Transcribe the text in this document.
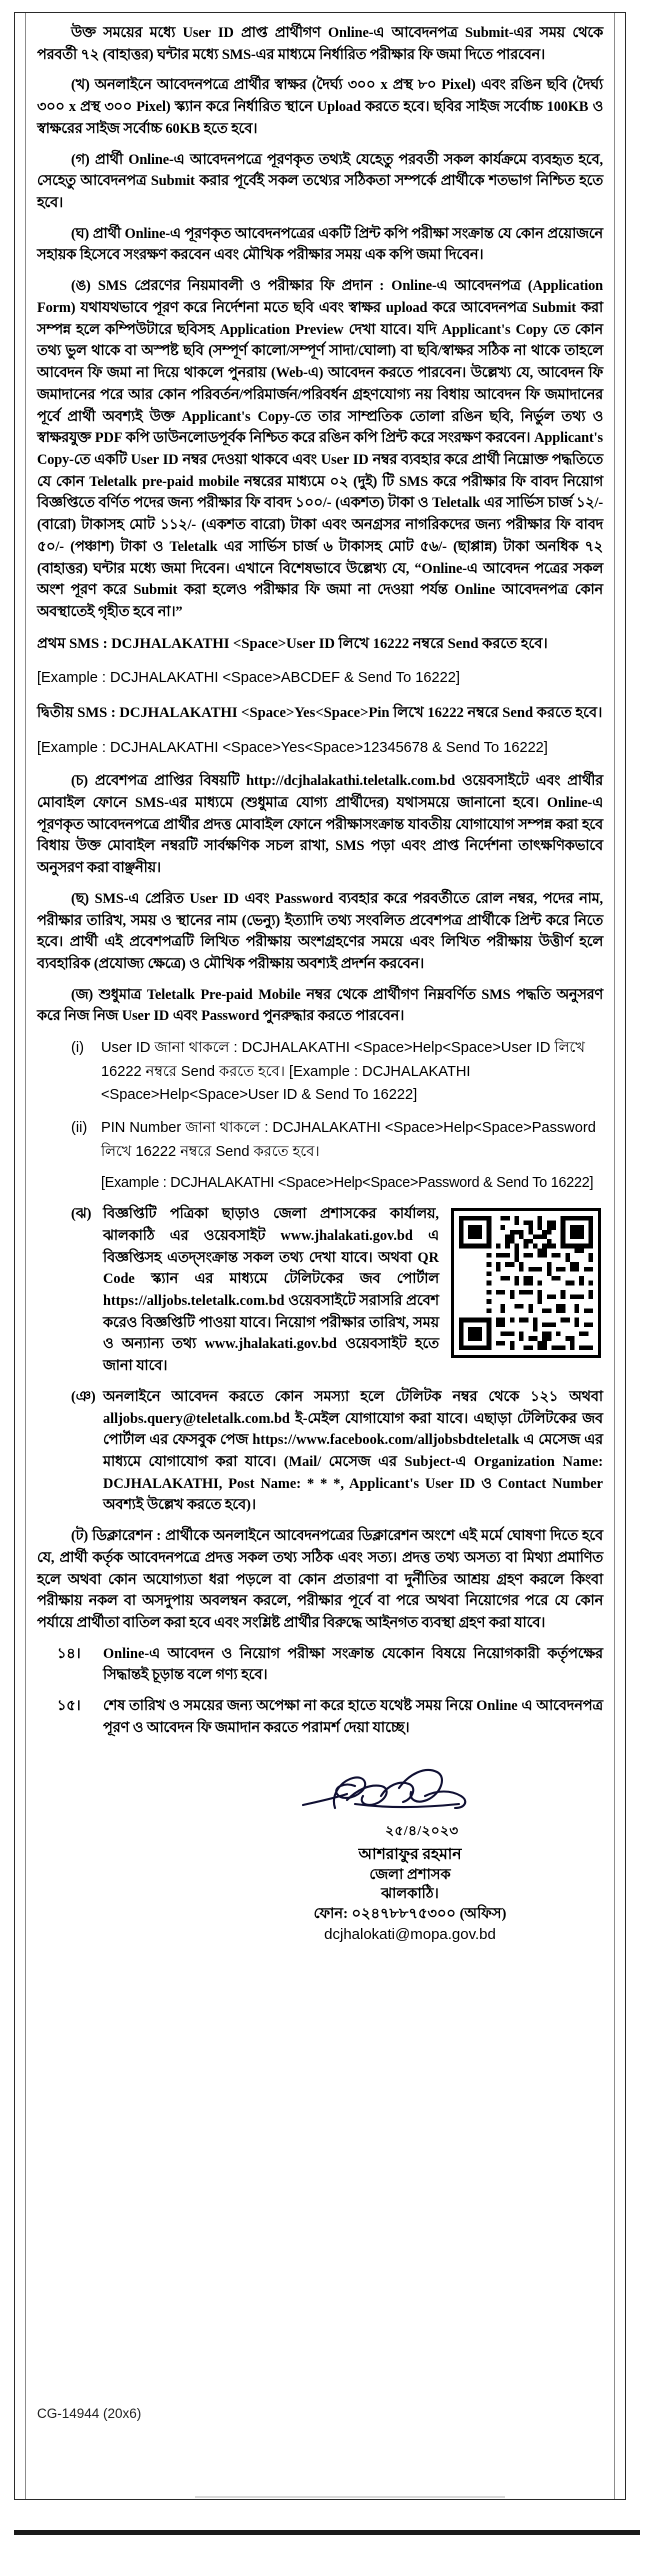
উক্ত সময়ের মধ্যে User ID প্রাপ্ত প্রার্থীগণ Online-এ আবেদনপত্র Submit-এর সময় থেকে পরবর্তী ৭২ (বাহাত্তর) ঘন্টার মধ্যে SMS-এর মাধ্যমে নির্ধারিত পরীক্ষার ফি জমা দিতে পারবেন।

(খ) অনলাইনে আবেদনপত্রে প্রার্থীর স্বাক্ষর (দৈর্ঘ্য ৩০০ x প্রস্থ ৮০ Pixel) এবং রঙিন ছবি (দৈর্ঘ্য ৩০০ x প্রস্থ ৩০০ Pixel) স্ক্যান করে নির্ধারিত স্থানে Upload করতে হবে। ছবির সাইজ সর্বোচ্চ 100KB ও স্বাক্ষরের সাইজ সর্বোচ্চ 60KB হতে হবে।

(গ) প্রার্থী Online-এ আবেদনপত্রে পূরণকৃত তথ্যই যেহেতু পরবর্তী সকল কার্যক্রমে ব্যবহৃত হবে, সেহেতু আবেদনপত্র Submit করার পূর্বেই সকল তথ্যের সঠিকতা সম্পর্কে প্রার্থীকে শতভাগ নিশ্চিত হতে হবে।

(ঘ) প্রার্থী Online-এ পূরণকৃত আবেদনপত্রের একটি প্রিন্ট কপি পরীক্ষা সংক্রান্ত যে কোন প্রয়োজনে সহায়ক হিসেবে সংরক্ষণ করবেন এবং মৌখিক পরীক্ষার সময় এক কপি জমা দিবেন।

(ঙ) SMS প্রেরণের নিয়মাবলী ও পরীক্ষার ফি প্রদান : Online-এ আবেদনপত্র (Application Form) যথাযথভাবে পূরণ করে নির্দেশনা মতে ছবি এবং স্বাক্ষর upload করে আবেদনপত্র Submit করা সম্পন্ন হলে কম্পিউটারে ছবিসহ Application Preview দেখা যাবে। যদি Applicant's Copy তে কোন তথ্য ভুল থাকে বা অস্পষ্ট ছবি (সম্পূর্ণ কালো/সম্পূর্ণ সাদা/ঘোলা) বা ছবি/স্বাক্ষর সঠিক না থাকে তাহলে আবেদন ফি জমা না দিয়ে থাকলে পুনরায় (Web-এ) আবেদন করতে পারবেন। উল্লেখ্য যে, আবেদন ফি জমাদানের পরে আর কোন পরিবর্তন/পরিমার্জন/পরিবর্ধন গ্রহণযোগ্য নয় বিধায় আবেদন ফি জমাদানের পূর্বে প্রার্থী অবশ্যই উক্ত Applicant's Copy-তে তার সাম্প্রতিক তোলা রঙিন ছবি, নির্ভুল তথ্য ও স্বাক্ষরযুক্ত PDF কপি ডাউনলোডপূর্বক নিশ্চিত করে রঙিন কপি প্রিন্ট করে সংরক্ষণ করবেন। Applicant's Copy-তে একটি User ID নম্বর দেওয়া থাকবে এবং User ID নম্বর ব্যবহার করে প্রার্থী নিম্নোক্ত পদ্ধতিতে যে কোন Teletalk pre-paid mobile নম্বরের মাধ্যমে ০২ (দুই) টি SMS করে পরীক্ষার ফি বাবদ নিয়োগ বিজ্ঞপ্তিতে বর্ণিত পদের জন্য পরীক্ষার ফি বাবদ ১০০/- (একশত) টাকা ও Teletalk এর সার্ভিস চার্জ ১২/- (বারো) টাকাসহ মোট ১১২/- (একশত বারো) টাকা এবং অনগ্রসর নাগরিকদের জন্য পরীক্ষার ফি বাবদ ৫০/- (পঞ্চাশ) টাকা ও Teletalk এর সার্ভিস চার্জ ৬ টাকাসহ মোট ৫৬/- (ছাপ্পান্ন) টাকা অনধিক ৭২ (বাহাত্তর) ঘন্টার মধ্যে জমা দিবেন। এখানে বিশেষভাবে উল্লেখ্য যে, “Online-এ আবেদন পত্রের সকল অংশ পূরণ করে Submit করা হলেও পরীক্ষার ফি জমা না দেওয়া পর্যন্ত Online আবেদনপত্র কোন অবস্থাতেই গৃহীত হবে না।”

প্রথম SMS : DCJHALAKATHI <Space>User ID লিখে 16222 নম্বরে Send করতে হবে।

[Example : DCJHALAKATHI <Space>ABCDEF & Send To 16222]

দ্বিতীয় SMS : DCJHALAKATHI <Space>Yes<Space>Pin লিখে 16222 নম্বরে Send করতে হবে।

[Example : DCJHALAKATHI <Space>Yes<Space>12345678 & Send To 16222]

(চ) প্রবেশপত্র প্রাপ্তির বিষয়টি http://dcjhalakathi.teletalk.com.bd ওয়েবসাইটে এবং প্রার্থীর মোবাইল ফোনে SMS-এর মাধ্যমে (শুধুমাত্র যোগ্য প্রার্থীদের) যথাসময়ে জানানো হবে। Online-এ পূরণকৃত আবেদনপত্রে প্রার্থীর প্রদত্ত মোবাইল ফোনে পরীক্ষাসংক্রান্ত যাবতীয় যোগাযোগ সম্পন্ন করা হবে বিধায় উক্ত মোবাইল নম্বরটি সার্বক্ষণিক সচল রাখা, SMS পড়া এবং প্রাপ্ত নির্দেশনা তাৎক্ষণিকভাবে অনুসরণ করা বাঞ্ছনীয়।

(ছ) SMS-এ প্রেরিত User ID এবং Password ব্যবহার করে পরবর্তীতে রোল নম্বর, পদের নাম, পরীক্ষার তারিখ, সময় ও স্থানের নাম (ভেন্যু) ইত্যাদি তথ্য সংবলিত প্রবেশপত্র প্রার্থীকে প্রিন্ট করে নিতে হবে। প্রার্থী এই প্রবেশপত্রটি লিখিত পরীক্ষায় অংশগ্রহণের সময়ে এবং লিখিত পরীক্ষায় উত্তীর্ণ হলে ব্যবহারিক (প্রযোজ্য ক্ষেত্রে) ও মৌখিক পরীক্ষায় অবশ্যই প্রদর্শন করবেন।

(জ) শুধুমাত্র Teletalk Pre-paid Mobile নম্বর থেকে প্রার্থীগণ নিম্নবর্ণিত SMS পদ্ধতি অনুসরণ করে নিজ নিজ User ID এবং Password পুনরুদ্ধার করতে পারবেন।

(i) User ID জানা থাকলে : DCJHALAKATHI <Space>Help<Space>User ID লিখে 16222 নম্বরে Send করতে হবে। [Example : DCJHALAKATHI <Space>Help<Space>User ID & Send To 16222]
(ii) PIN Number জানা থাকলে : DCJHALAKATHI <Space>Help<Space>Password লিখে 16222 নম্বরে Send করতে হবে।
[Example : DCJHALAKATHI <Space>Help<Space>Password & Send To 16222]
(ঝ) বিজ্ঞপ্তিটি পত্রিকা ছাড়াও জেলা প্রশাসকের কার্যালয়, ঝালকাঠি এর ওয়েবসাইট www.jhalakati.gov.bd এ বিজ্ঞপ্তিসহ এতদ্সংক্রান্ত সকল তথ্য দেখা যাবে। অথবা QR Code স্ক্যান এর মাধ্যমে টেলিটকের জব পোর্টাল https://alljobs.teletalk.com.bd ওয়েবসাইটে সরাসরি প্রবেশ করেও বিজ্ঞপ্তিটি পাওয়া যাবে। নিয়োগ পরীক্ষার তারিখ, সময় ও অন্যান্য তথ্য www.jhalakati.gov.bd ওয়েবসাইট হতে জানা যাবে।
(ঞ) অনলাইনে আবেদন করতে কোন সমস্যা হলে টেলিটক নম্বর থেকে ১২১ অথবা alljobs.query@teletalk.com.bd ই-মেইল যোগাযোগ করা যাবে। এছাড়া টেলিটকের জব পোর্টাল এর ফেসবুক পেজ https://www.facebook.com/alljobsbdteletalk এ মেসেজ এর মাধ্যমে যোগাযোগ করা যাবে। (Mail/ মেসেজ এর Subject-এ Organization Name: DCJHALAKATHI, Post Name: * * *, Applicant's User ID ও Contact Number অবশ্যই উল্লেখ করতে হবে)।

(ট) ডিক্লারেশন : প্রার্থীকে অনলাইনে আবেদনপত্রের ডিক্লারেশন অংশে এই মর্মে ঘোষণা দিতে হবে যে, প্রার্থী কর্তৃক আবেদনপত্রে প্রদত্ত সকল তথ্য সঠিক এবং সত্য। প্রদত্ত তথ্য অসত্য বা মিথ্যা প্রমাণিত হলে অথবা কোন অযোগ্যতা ধরা পড়লে বা কোন প্রতারণা বা দুর্নীতির আশ্রয় গ্রহণ করলে কিংবা পরীক্ষায় নকল বা অসদুপায় অবলম্বন করলে, পরীক্ষার পূর্বে বা পরে অথবা নিয়োগের পরে যে কোন পর্যায়ে প্রার্থীতা বাতিল করা হবে এবং সংশ্লিষ্ট প্রার্থীর বিরুদ্ধে আইনগত ব্যবস্থা গ্রহণ করা যাবে।

১৪। Online-এ আবেদন ও নিয়োগ পরীক্ষা সংক্রান্ত যেকোন বিষয়ে নিয়োগকারী কর্তৃপক্ষের সিদ্ধান্তই চূড়ান্ত বলে গণ্য হবে।
১৫। শেষ তারিখ ও সময়ের জন্য অপেক্ষা না করে হাতে যথেষ্ট সময় নিয়ে Online এ আবেদনপত্র পূরণ ও আবেদন ফি জমাদান করতে পরামর্শ দেয়া যাচ্ছে।
২৫/৪/২০২৩
আশরাফুর রহমান
জেলা প্রশাসক
ঝালকাঠি।
ফোন: ০২৪৭৮৮৭৫৩০০ (অফিস)
dcjhalokati@mopa.gov.bd
CG-14944 (20x6)
